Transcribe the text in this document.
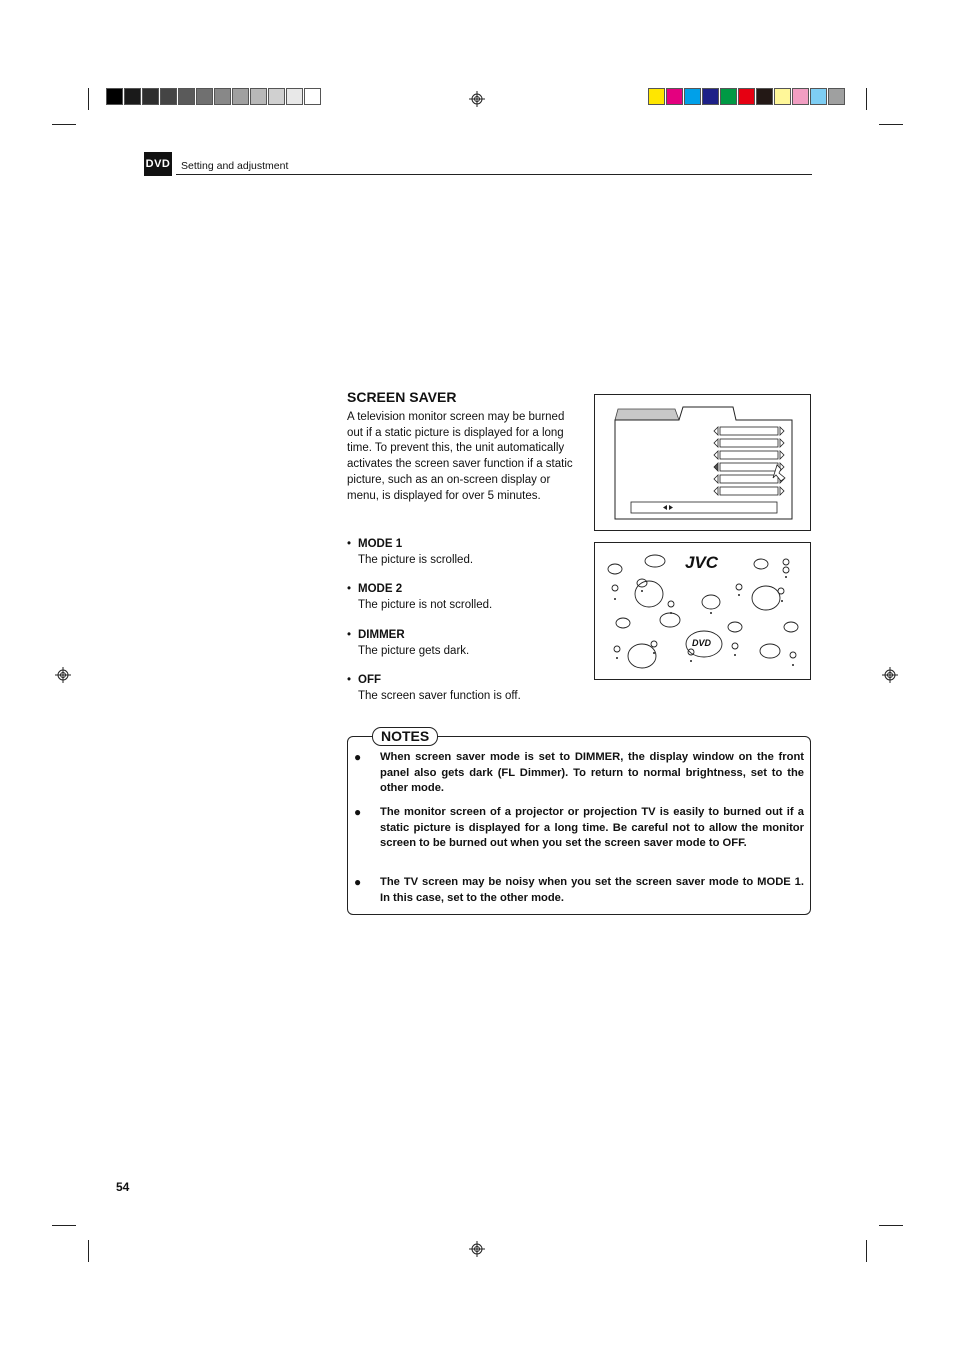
DVD Setting and adjustment
SCREEN SAVER
A television monitor screen may be burned out if a static picture is displayed for a long time. To prevent this, the unit automatically activates the screen saver function if a static picture, such as an on-screen display or menu, is displayed for over 5 minutes.
• MODE 1
The picture is scrolled.
• MODE 2
The picture is not scrolled.
• DIMMER
The picture gets dark.
• OFF
The screen saver function is off.
JVC
DVD
NOTES
● When screen saver mode is set to DIMMER, the display window on the front panel also gets dark (FL Dimmer). To return to normal brightness, set to the other mode.
● The monitor screen of a projector or projection TV is easily to burned out if a static picture is displayed for a long time. Be careful not to allow the monitor screen to be burned out when you set the screen saver mode to OFF.
● The TV screen may be noisy when you set the screen saver mode to MODE 1. In this case, set to the other mode.
54
